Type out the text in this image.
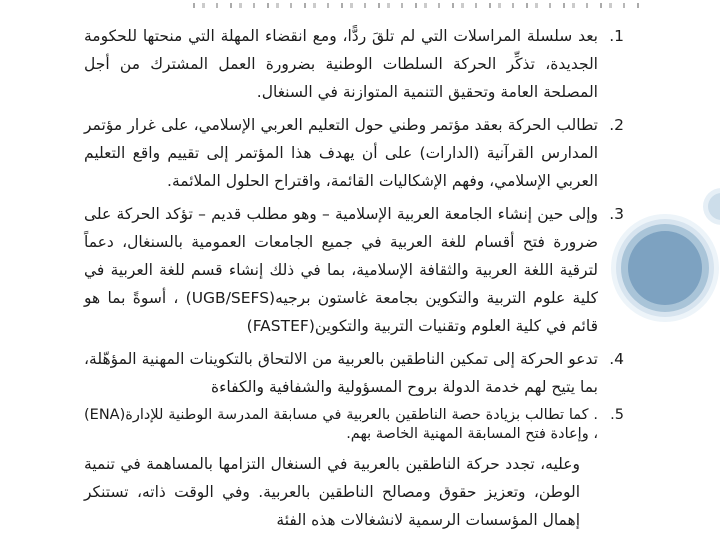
1.
بعد سلسلة المراسلات التي لم تلقَ ردًّا، ومع انقضاء المهلة التي منحتها للحكومة الجديدة، تذكِّر الحركة السلطات الوطنية بضرورة العمل المشترك من أجل المصلحة العامة وتحقيق التنمية المتوازنة في السنغال.
2.
تطالب الحركة بعقد مؤتمر وطني حول التعليم العربي الإسلامي، على غرار مؤتمر المدارس القرآنية (الدارات) على أن يهدف هذا المؤتمر إلى تقييم واقع التعليم العربي الإسلامي، وفهم الإشكاليات القائمة، واقتراح الحلول الملائمة.
3.
وإلى حين إنشاء الجامعة العربية الإسلامية – وهو مطلب قديم – تؤكد الحركة على ضرورة فتح أقسام للغة العربية في جميع الجامعات العمومية بالسنغال، دعماً لترقية اللغة العربية والثقافة الإسلامية، بما في ذلك إنشاء قسم للغة العربية في كلية علوم التربية والتكوين بجامعة غاستون برجيه(UGB/SEFS) ، أسوةً بما هو قائم في كلية العلوم وتقنيات التربية والتكوين(FASTEF)
4.
تدعو الحركة إلى تمكين الناطقين بالعربية من الالتحاق بالتكوينات المهنية المؤهّلة، بما يتيح لهم خدمة الدولة بروح المسؤولية والشفافية والكفاءة
5.
. كما تطالب بزيادة حصة الناطقين بالعربية في مسابقة المدرسة الوطنية للإدارة(ENA) ، وإعادة فتح المسابقة المهنية الخاصة بهم.
وعليه، تجدد حركة الناطقين بالعربية في السنغال التزامها بالمساهمة في تنمية الوطن، وتعزيز حقوق ومصالح الناطقين بالعربية. وفي الوقت ذاته، تستنكر إهمال المؤسسات الرسمية لانشغالات هذه الفئة
